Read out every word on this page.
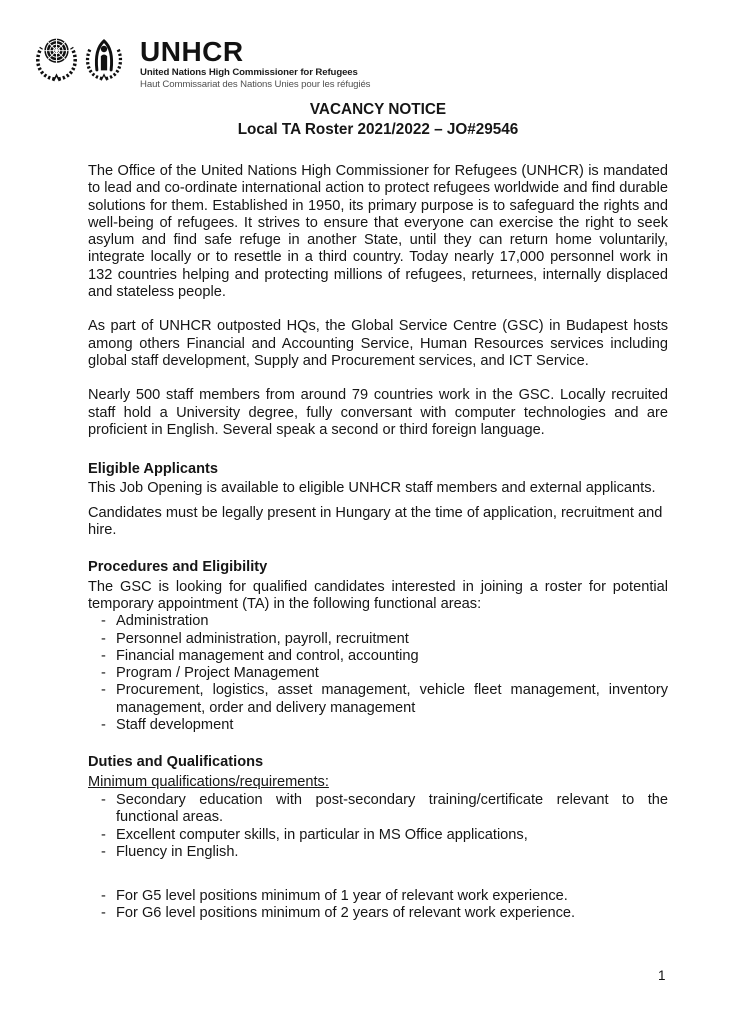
UNHCR
United Nations High Commissioner for Refugees
Haut Commissariat des Nations Unies pour les réfugiés
VACANCY NOTICE
Local TA Roster 2021/2022 – JO#29546

The Office of the United Nations High Commissioner for Refugees (UNHCR) is mandated to lead and co-ordinate international action to protect refugees worldwide and find durable solutions for them. Established in 1950, its primary purpose is to safeguard the rights and well-being of refugees. It strives to ensure that everyone can exercise the right to seek asylum and find safe refuge in another State, until they can return home voluntarily, integrate locally or to resettle in a third country. Today nearly 17,000 personnel work in 132 countries helping and protecting millions of refugees, returnees, internally displaced and stateless people.

As part of UNHCR outposted HQs, the Global Service Centre (GSC) in Budapest hosts among others Financial and Accounting Service, Human Resources services including global staff development, Supply and Procurement services, and ICT Service.

Nearly 500 staff members from around 79 countries work in the GSC. Locally recruited staff hold a University degree, fully conversant with computer technologies and are proficient in English. Several speak a second or third foreign language.

Eligible Applicants

This Job Opening is available to eligible UNHCR staff members and external applicants.

Candidates must be legally present in Hungary at the time of application, recruitment and hire.

Procedures and Eligibility

The GSC is looking for qualified candidates interested in joining a roster for potential temporary appointment (TA) in the following functional areas:

- Administration
- Personnel administration, payroll, recruitment
- Financial management and control, accounting
- Program / Project Management
- Procurement, logistics, asset management, vehicle fleet management, inventory management, order and delivery management
- Staff development
Duties and Qualifications
Minimum qualifications/requirements:
- Secondary education with post-secondary training/certificate relevant to the functional areas.
- Excellent computer skills, in particular in MS Office applications,
- Fluency in English.
- For G5 level positions minimum of 1 year of relevant work experience.
- For G6 level positions minimum of 2 years of relevant work experience.
1
